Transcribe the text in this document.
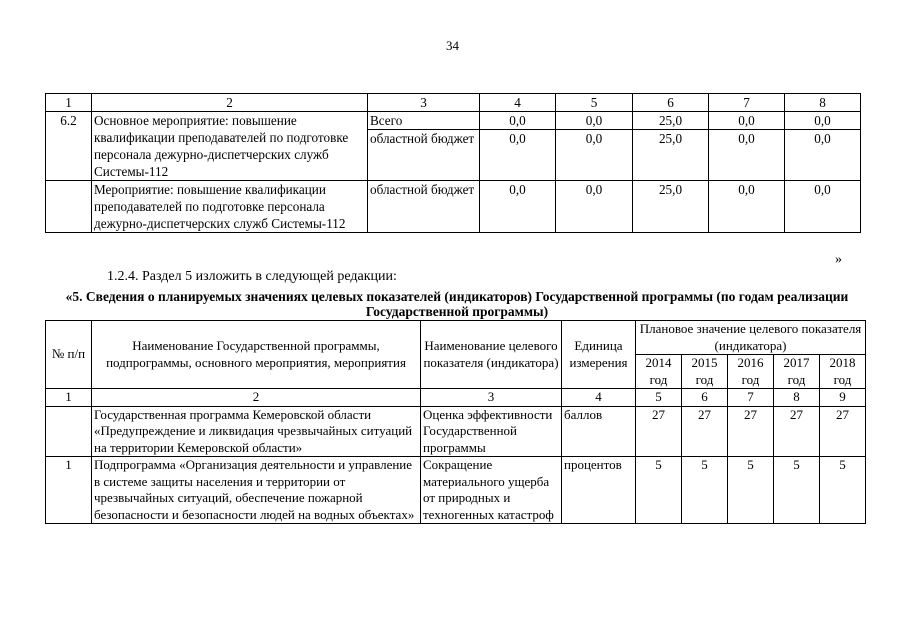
34
1	2	3	4	5	6	7	8
6.2	Основное мероприятие: повышение квалификации преподавателей по подготовке персонала дежурно-диспетчерских служб Системы-112	Всего	0,0	0,0	25,0	0,0	0,0
		областной бюджет	0,0	0,0	25,0	0,0	0,0
	Мероприятие: повышение квалификации преподавателей по подготовке персонала дежурно-диспетчерских служб Системы-112	областной бюджет	0,0	0,0	25,0	0,0	0,0
»
1.2.4. Раздел 5 изложить в следующей редакции:
«5. Сведения о планируемых значениях целевых показателей (индикаторов) Государственной программы (по годам реализации Государственной программы)
№ п/п	Наименование Государственной программы, подпрограммы, основного мероприятия, мероприятия	Наименование целевого показателя (индикатора)	Единица измерения	Плановое значение целевого показателя (индикатора)				
				2014 год	2015 год	2016 год	2017 год	2018 год
1	2	3	4	5	6	7	8	9
	Государственная программа Кемеровской области «Предупреждение и ликвидация чрезвычайных ситуаций на территории Кемеровской области»	Оценка эффективности Государственной программы	баллов	27	27	27	27	27
1	Подпрограмма «Организация деятельности и управление в системе защиты населения и территории от чрезвычайных ситуаций, обеспечение пожарной безопасности и безопасности людей на водных объектах»	Сокращение материального ущерба от природных и техногенных катастроф	процентов	5	5	5	5	5
